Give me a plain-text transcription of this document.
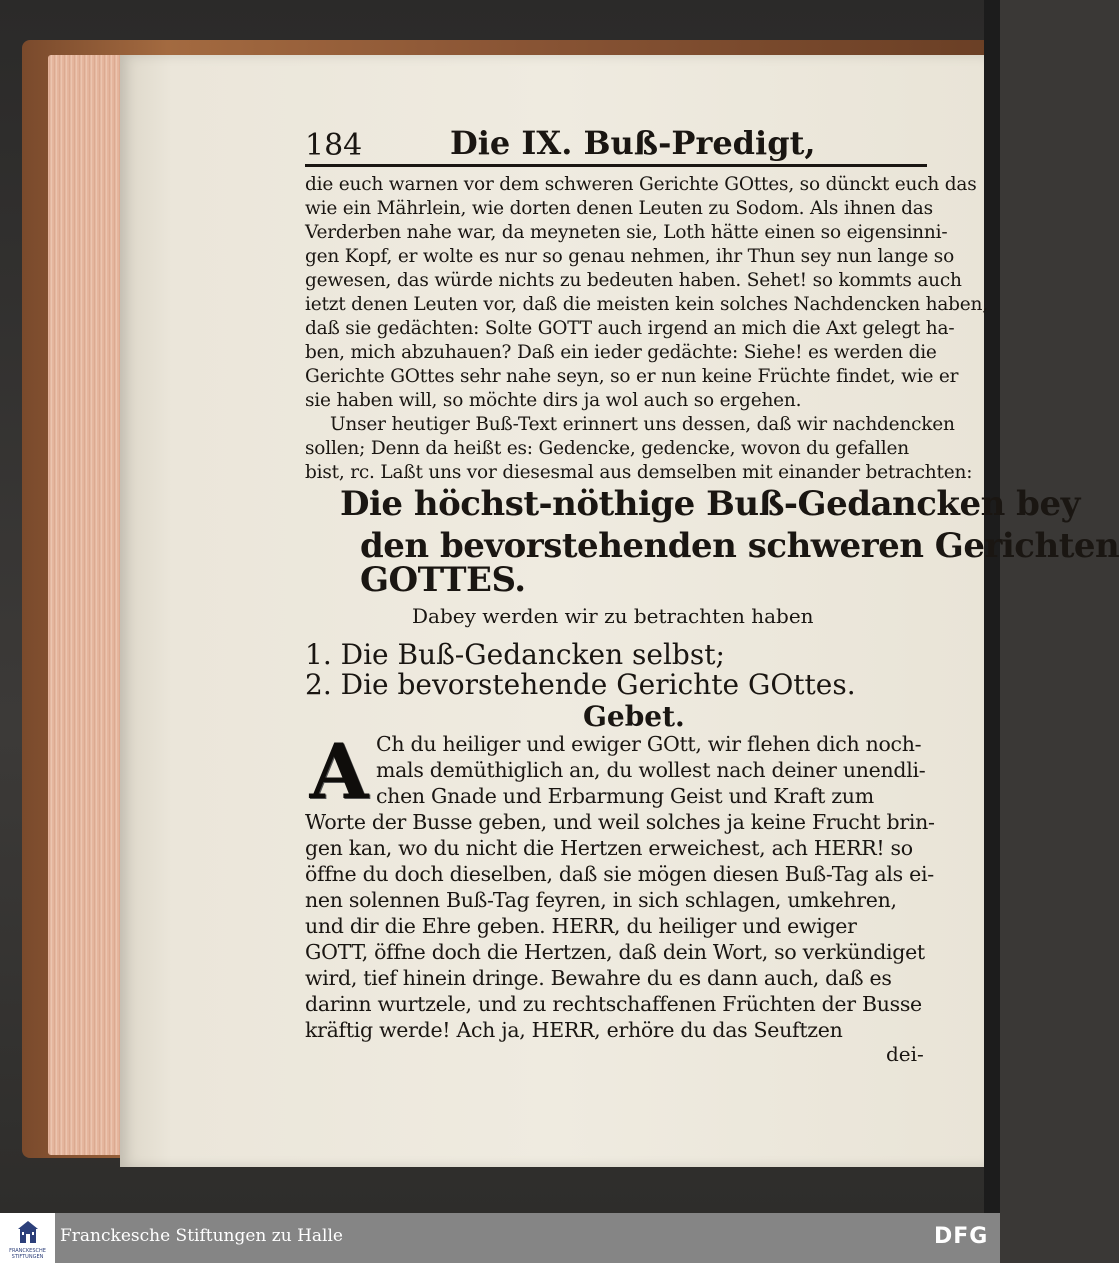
184	Die IX. Buß-Predigt,
die euch warnen vor dem schweren Gerichte GOttes, so dünckt euch das
wie ein Mährlein, wie dorten denen Leuten zu Sodom. Als ihnen das
Verderben nahe war, da meyneten sie, Loth hätte einen so eigensinni-
gen Kopf, er wolte es nur so genau nehmen, ihr Thun sey nun lange so
gewesen, das würde nichts zu bedeuten haben. Sehet! so kommts auch
ietzt denen Leuten vor, daß die meisten kein solches Nachdencken haben,
daß sie gedächten: Solte GOTT auch irgend an mich die Axt gelegt ha-
ben, mich abzuhauen? Daß ein ieder gedächte: Siehe! es werden die
Gerichte GOttes sehr nahe seyn, so er nun keine Früchte findet, wie er
sie haben will, so möchte dirs ja wol auch so ergehen.
Unser heutiger Buß-Text erinnert uns dessen, daß wir nachdencken
sollen; Denn da heißt es: Gedencke, gedencke, wovon du gefallen
bist, rc. Laßt uns vor diesesmal aus demselben mit einander betrachten:
Die höchst-nöthige Buß-Gedancken bey
den bevorstehenden schweren Gerichten
GOTTES.
Dabey werden wir zu betrachten haben
1. Die Buß-Gedancken selbst;
2. Die bevorstehende Gerichte GOttes.
Gebet.
A Ch du heiliger und ewiger GOtt, wir flehen dich noch-
mals demüthiglich an, du wollest nach deiner unendli-
chen Gnade und Erbarmung Geist und Kraft zum
Worte der Busse geben, und weil solches ja keine Frucht brin-
gen kan, wo du nicht die Hertzen erweichest, ach HERR! so
öffne du doch dieselben, daß sie mögen diesen Buß-Tag als ei-
nen solennen Buß-Tag feyren, in sich schlagen, umkehren,
und dir die Ehre geben. HERR, du heiliger und ewiger
GOTT, öffne doch die Hertzen, daß dein Wort, so verkündiget
wird, tief hinein dringe. Bewahre du es dann auch, daß es
darinn wurtzele, und zu rechtschaffenen Früchten der Busse
kräftig werde! Ach ja, HERR, erhöre du das Seuftzen
dei-
FRANCKESCHE STIFTUNGEN
Franckesche Stiftungen zu Halle	DFG
